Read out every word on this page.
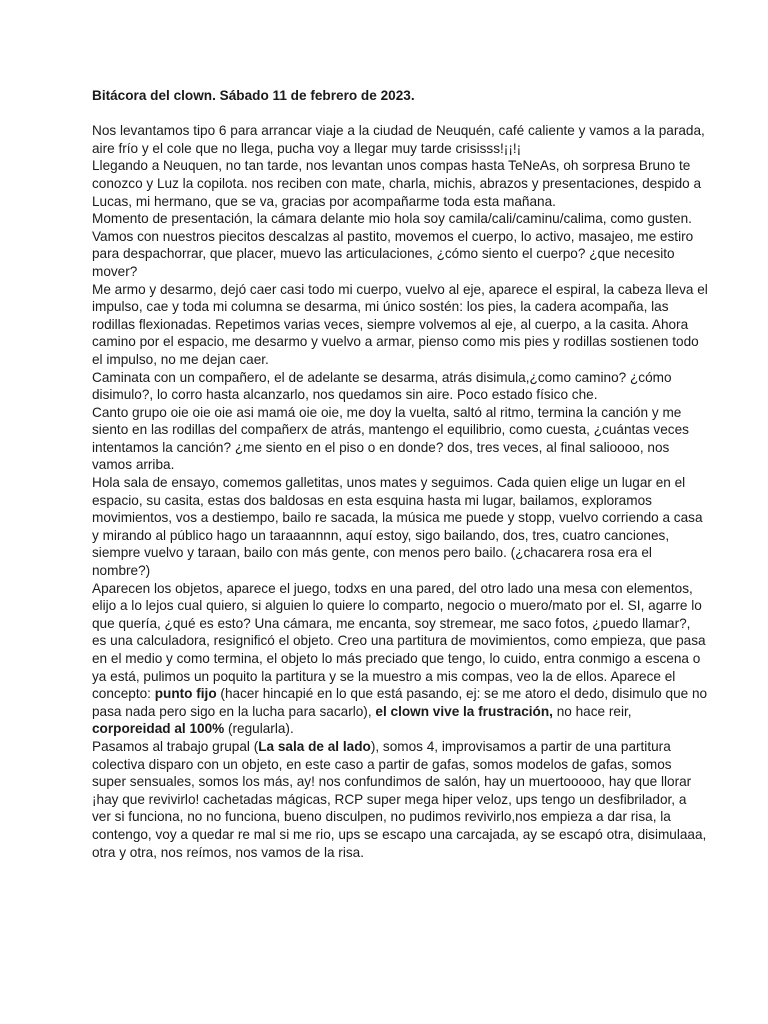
Bitácora del clown. Sábado 11 de febrero de 2023.

Nos levantamos tipo 6 para arrancar viaje a la ciudad de Neuquén, café caliente y vamos a la parada, aire frío y el cole que no llega, pucha voy a llegar muy tarde crisisss!¡¡!¡

Llegando a Neuquen, no tan tarde, nos levantan unos compas hasta TeNeAs, oh sorpresa Bruno te conozco y Luz la copilota. nos reciben con mate, charla, michis, abrazos y presentaciones, despido a Lucas, mi hermano, que se va, gracias por acompañarme toda esta mañana.

Momento de presentación, la cámara delante mio hola soy camila/cali/caminu/calima, como gusten.

Vamos con nuestros piecitos descalzas al pastito, movemos el cuerpo, lo activo, masajeo, me estiro para despachorrar, que placer, muevo las articulaciones, ¿cómo siento el cuerpo? ¿que necesito mover?

Me armo y desarmo, dejó caer casi todo mi cuerpo, vuelvo al eje, aparece el espiral, la cabeza lleva el impulso, cae y toda mi columna se desarma, mi único sostén: los pies, la cadera acompaña, las rodillas flexionadas. Repetimos varias veces, siempre volvemos al eje, al cuerpo, a la casita. Ahora camino por el espacio, me desarmo y vuelvo a armar, pienso como mis pies y rodillas sostienen todo el impulso, no me dejan caer.

Caminata con un compañero, el de adelante se desarma, atrás disimula,¿como camino? ¿cómo disimulo?, lo corro hasta alcanzarlo, nos quedamos sin aire. Poco estado físico che.

Canto grupo oie oie oie asi mamá oie oie, me doy la vuelta, saltó al ritmo, termina la canción y me siento en las rodillas del compañerx de atrás, mantengo el equilibrio, como cuesta, ¿cuántas veces intentamos la canción? ¿me siento en el piso o en donde? dos, tres veces, al final salioooo, nos vamos arriba.

Hola sala de ensayo, comemos galletitas, unos mates y seguimos. Cada quien elige un lugar en el espacio, su casita, estas dos baldosas en esta esquina hasta mi lugar, bailamos, exploramos movimientos, vos a destiempo, bailo re sacada, la música me puede y stopp, vuelvo corriendo a casa y mirando al público hago un taraaannnn, aquí estoy, sigo bailando, dos, tres, cuatro canciones, siempre vuelvo y taraan, bailo con más gente, con menos pero bailo. (¿chacarera rosa era el nombre?)

Aparecen los objetos, aparece el juego, todxs en una pared, del otro lado una mesa con elementos, elijo a lo lejos cual quiero, si alguien lo quiere lo comparto, negocio o muero/mato por el. SI, agarre lo que quería, ¿qué es esto? Una cámara, me encanta, soy stremear, me saco fotos, ¿puedo llamar?, es una calculadora, resignificó el objeto. Creo una partitura de movimientos, como empieza, que pasa en el medio y como termina, el objeto lo más preciado que tengo, lo cuido, entra conmigo a escena o ya está, pulimos un poquito la partitura y se la muestro a mis compas, veo la de ellos. Aparece el concepto: punto fijo (hacer hincapié en lo que está pasando, ej: se me atoro el dedo, disimulo que no pasa nada pero sigo en la lucha para sacarlo), el clown vive la frustración, no hace reir, corporeidad al 100% (regularla).

Pasamos al trabajo grupal (La sala de al lado), somos 4, improvisamos a partir de una partitura colectiva disparo con un objeto, en este caso a partir de gafas, somos modelos de gafas, somos super sensuales, somos los más, ay! nos confundimos de salón, hay un muertooooo, hay que llorar ¡hay que revivirlo! cachetadas mágicas, RCP super mega hiper veloz, ups tengo un desfibrilador, a ver si funciona, no no funciona, bueno disculpen, no pudimos revivirlo,nos empieza a dar risa, la contengo, voy a quedar re mal si me rio, ups se escapo una carcajada, ay se escapó otra, disimulaaa, otra y otra, nos reímos, nos vamos de la risa.
